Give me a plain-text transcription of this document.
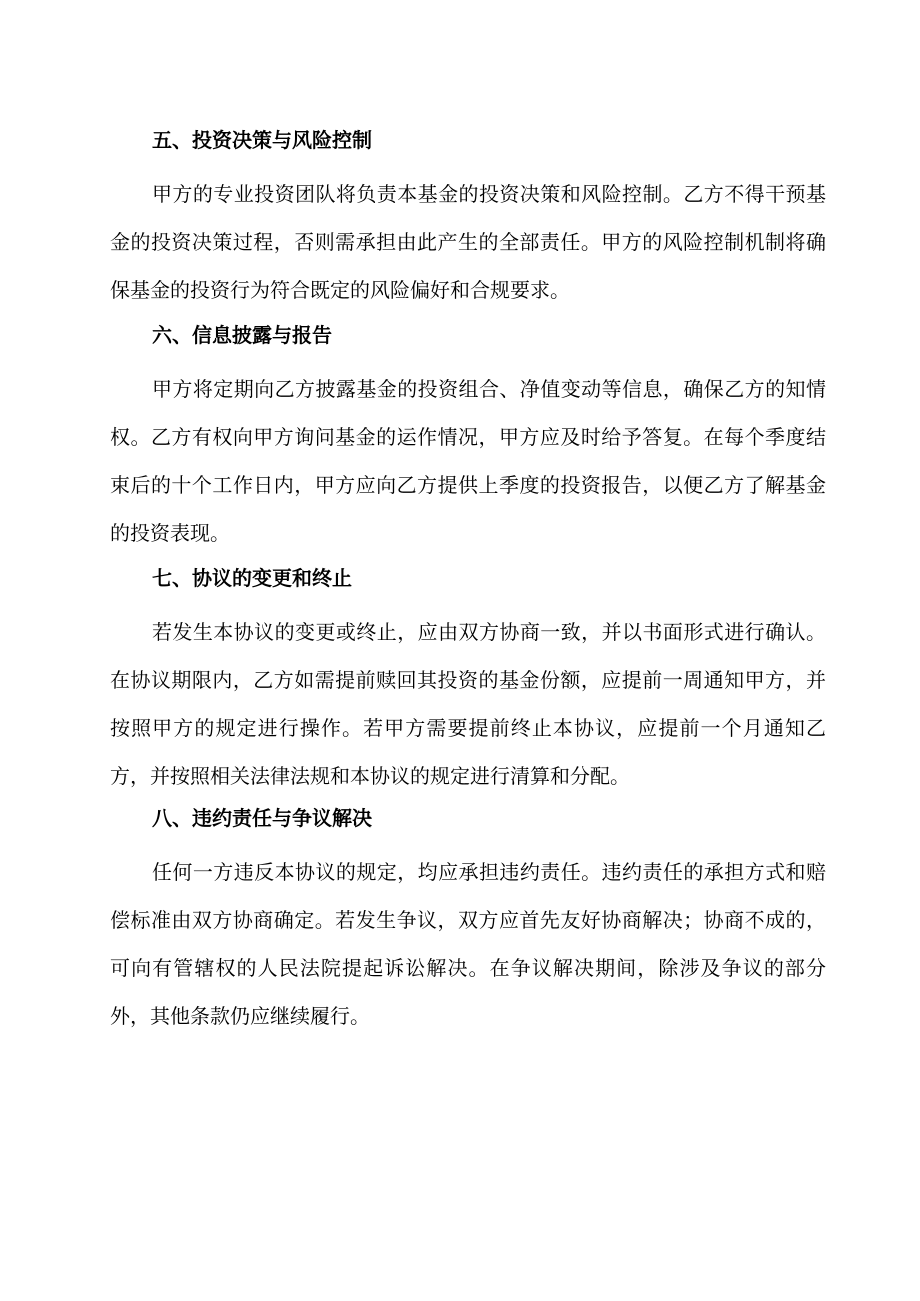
五、投资决策与风险控制

甲方的专业投资团队将负责本基金的投资决策和风险控制。乙方不得干预基金的投资决策过程，否则需承担由此产生的全部责任。甲方的风险控制机制将确保基金的投资行为符合既定的风险偏好和合规要求。

六、信息披露与报告

甲方将定期向乙方披露基金的投资组合、净值变动等信息，确保乙方的知情权。乙方有权向甲方询问基金的运作情况，甲方应及时给予答复。在每个季度结束后的十个工作日内，甲方应向乙方提供上季度的投资报告，以便乙方了解基金的投资表现。

七、协议的变更和终止

若发生本协议的变更或终止，应由双方协商一致，并以书面形式进行确认。在协议期限内，乙方如需提前赎回其投资的基金份额，应提前一周通知甲方，并按照甲方的规定进行操作。若甲方需要提前终止本协议，应提前一个月通知乙方，并按照相关法律法规和本协议的规定进行清算和分配。

八、违约责任与争议解决

任何一方违反本协议的规定，均应承担违约责任。违约责任的承担方式和赔偿标准由双方协商确定。若发生争议，双方应首先友好协商解决；协商不成的，可向有管辖权的人民法院提起诉讼解决。在争议解决期间，除涉及争议的部分外，其他条款仍应继续履行。
